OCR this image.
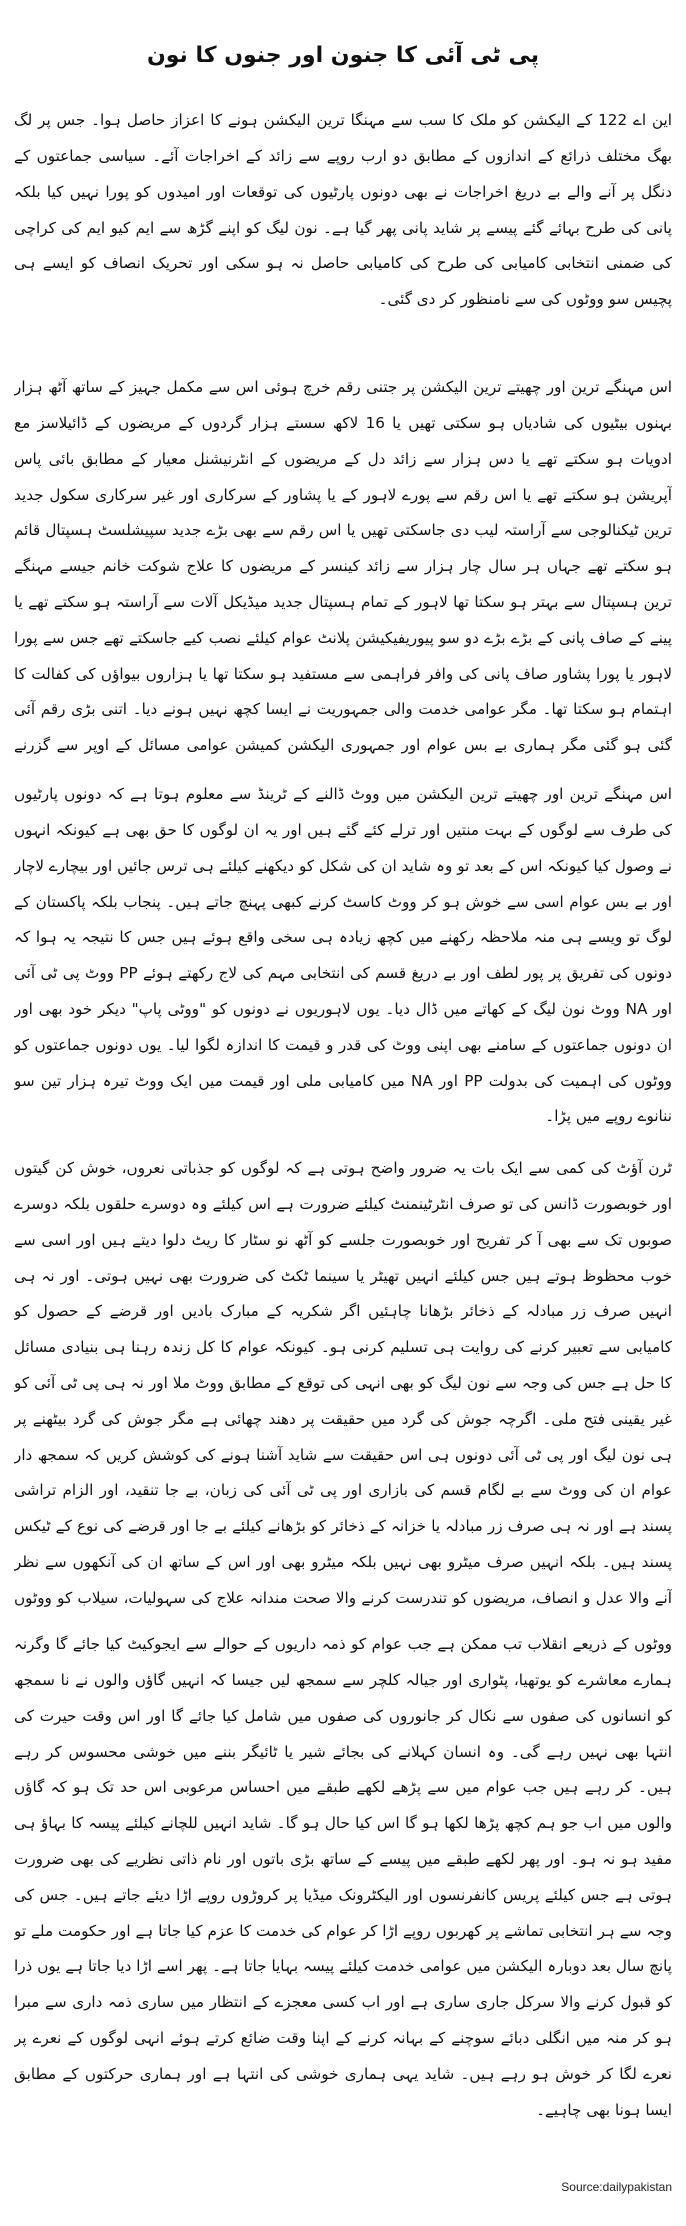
پی ٹی آئی کا جنون اور جنوں کا نون

این اے 122 کے الیکشن کو ملک کا سب سے مہنگا ترین الیکشن ہونے کا اعزاز حاصل ہوا۔ جس پر لگ بھگ مختلف ذرائع کے اندازوں کے مطابق دو ارب روپے سے زائد کے اخراجات آئے۔ سیاسی جماعتوں کے دنگل پر آنے والے بے دریغ اخراجات نے بھی دونوں پارٹیوں کی توقعات اور امیدوں کو پورا نہیں کیا بلکہ پانی کی طرح بہائے گئے پیسے پر شاید پانی پھر گیا ہے۔ نون لیگ کو اپنے گڑھ سے ایم کیو ایم کی کراچی کی ضمنی انتخابی کامیابی کی طرح کی کامیابی حاصل نہ ہو سکی اور تحریک انصاف کو ایسے ہی پچیس سو ووٹوں کی سے نامنظور کر دی گئی۔

اس مہنگے ترین اور چھیتے ترین الیکشن پر جتنی رقم خرچ ہوئی اس سے مکمل جہیز کے ساتھ آٹھ ہزار بہنوں بیٹیوں کی شادیاں ہو سکتی تھیں یا 16 لاکھ سستے ہزار گردوں کے مریضوں کے ڈائیلاسز مع ادویات ہو سکتے تھے یا دس ہزار سے زائد دل کے مریضوں کے انٹرنیشنل معیار کے مطابق بائی پاس آپریشن ہو سکتے تھے یا اس رقم سے پورے لاہور کے یا پشاور کے سرکاری اور غیر سرکاری سکول جدید ترین ٹیکنالوجی سے آراستہ لیب دی جاسکتی تھیں یا اس رقم سے بھی بڑے جدید سپیشلسٹ ہسپتال قائم ہو سکتے تھے جہاں ہر سال چار ہزار سے زائد کینسر کے مریضوں کا علاج شوکت خانم جیسے مہنگے ترین ہسپتال سے بہتر ہو سکتا تھا لاہور کے تمام ہسپتال جدید میڈیکل آلات سے آراستہ ہو سکتے تھے یا پینے کے صاف پانی کے بڑے بڑے دو سو پیوریفیکیشن پلانٹ عوام کیلئے نصب کیے جاسکتے تھے جس سے پورا لاہور یا پورا پشاور صاف پانی کی وافر فراہمی سے مستفید ہو سکتا تھا یا ہزاروں بیواؤں کی کفالت کا اہتمام ہو سکتا تھا۔ مگر عوامی خدمت والی جمہوریت نے ایسا کچھ نہیں ہونے دیا۔ اتنی بڑی رقم آئی گئی ہو گئی مگر ہماری بے بس عوام اور جمہوری الیکشن کمیشن عوامی مسائل کے اوپر سے گزرنے

اس مہنگے ترین اور چھیتے ترین الیکشن میں ووٹ ڈالنے کے ٹرینڈ سے معلوم ہوتا ہے کہ دونوں پارٹیوں کی طرف سے لوگوں کے بہت منتیں اور ترلے کئے گئے ہیں اور یہ ان لوگوں کا حق بھی ہے کیونکہ انہوں نے وصول کیا کیونکہ اس کے بعد تو وہ شاید ان کی شکل کو دیکھنے کیلئے ہی ترس جائیں اور بیچارے لاچار اور بے بس عوام اسی سے خوش ہو کر ووٹ کاسٹ کرنے کبھی پہنچ جاتے ہیں۔ پنجاب بلکہ پاکستان کے لوگ تو ویسے ہی منہ ملاحظہ رکھنے میں کچھ زیادہ ہی سخی واقع ہوئے ہیں جس کا نتیجہ یہ ہوا کہ دونوں کی تفریق پر پور لطف اور بے دریغ قسم کی انتخابی مہم کی لاج رکھتے ہوئے PP ووٹ پی ٹی آئی اور NA ووٹ نون لیگ کے کھاتے میں ڈال دیا۔ یوں لاہوریوں نے دونوں کو "ووٹی پاپ" دیکر خود بھی اور ان دونوں جماعتوں کے سامنے بھی اپنی ووٹ کی قدر و قیمت کا اندازہ لگوا لیا۔ یوں دونوں جماعتوں کو ووٹوں کی اہمیت کی بدولت PP اور NA میں کامیابی ملی اور قیمت میں ایک ووٹ تیرہ ہزار تین سو ننانوے روپے میں پڑا۔

ٹرن آؤٹ کی کمی سے ایک بات یہ ضرور واضح ہوتی ہے کہ لوگوں کو جذباتی نعروں، خوش کن گیتوں اور خوبصورت ڈانس کی تو صرف انٹرٹینمنٹ کیلئے ضرورت ہے اس کیلئے وہ دوسرے حلقوں بلکہ دوسرے صوبوں تک سے بھی آ کر تفریح اور خوبصورت جلسے کو آٹھ نو سٹار کا ریٹ دلوا دیتے ہیں اور اسی سے خوب محظوظ ہوتے ہیں جس کیلئے انہیں تھیٹر یا سینما ٹکٹ کی ضرورت بھی نہیں ہوتی۔ اور نہ ہی انہیں صرف زر مبادلہ کے ذخائر بڑھانا چاہئیں اگر شکریہ کے مبارک بادیں اور قرضے کے حصول کو کامیابی سے تعبیر کرنے کی روایت ہی تسلیم کرنی ہو۔ کیونکہ عوام کا کل زندہ رہنا ہی بنیادی مسائل کا حل ہے جس کی وجہ سے نون لیگ کو بھی انہی کی توقع کے مطابق ووٹ ملا اور نہ ہی پی ٹی آئی کو غیر یقینی فتح ملی۔ اگرچہ جوش کی گرد میں حقیقت پر دھند چھائی ہے مگر جوش کی گرد بیٹھنے پر ہی نون لیگ اور پی ٹی آئی دونوں ہی اس حقیقت سے شاید آشنا ہونے کی کوشش کریں کہ سمجھ دار عوام ان کی ووٹ سے بے لگام قسم کی بازاری اور پی ٹی آئی کی زبان، بے جا تنقید، اور الزام تراشی پسند ہے اور نہ ہی صرف زر مبادلہ یا خزانہ کے ذخائر کو بڑھانے کیلئے بے جا اور قرضے کی نوع کے ٹیکس پسند ہیں۔ بلکہ انہیں صرف میٹرو بھی نہیں بلکہ میٹرو بھی اور اس کے ساتھ ان کی آنکھوں سے نظر آنے والا عدل و انصاف، مریضوں کو تندرست کرنے والا صحت مندانہ علاج کی سہولیات، سیلاب کو ووٹوں

ووٹوں کے ذریعے انقلاب تب ممکن ہے جب عوام کو ذمہ داریوں کے حوالے سے ایجوکیٹ کیا جائے گا وگرنہ ہمارے معاشرے کو یوتھیا، پٹواری اور جیالہ کلچر سے سمجھ لیں جیسا کہ انہیں گاؤں والوں نے نا سمجھ کو انسانوں کی صفوں سے نکال کر جانوروں کی صفوں میں شامل کیا جائے گا اور اس وقت حیرت کی انتہا بھی نہیں رہے گی۔ وہ انسان کہلانے کی بجائے شیر یا ٹائیگر بننے میں خوشی محسوس کر رہے ہیں۔ کر رہے ہیں جب عوام میں سے پڑھے لکھے طبقے میں احساس مرعوبی اس حد تک ہو کہ گاؤں والوں میں اب جو ہم کچھ پڑھا لکھا ہو گا اس کیا حال ہو گا۔ شاید انہیں للچانے کیلئے پیسہ کا بہاؤ ہی مفید ہو نہ ہو۔ اور پھر لکھے طبقے میں پیسے کے ساتھ بڑی باتوں اور نام ذاتی نظریے کی بھی ضرورت ہوتی ہے جس کیلئے پریس کانفرنسوں اور الیکٹرونک میڈیا پر کروڑوں روپے اڑا دیئے جاتے ہیں۔ جس کی وجہ سے ہر انتخابی تماشے پر کھربوں روپے اڑا کر عوام کی خدمت کا عزم کیا جاتا ہے اور حکومت ملے تو پانچ سال بعد دوبارہ الیکشن میں عوامی خدمت کیلئے پیسہ بہایا جاتا ہے۔ پھر اسے اڑا دیا جاتا ہے یوں ذرا کو قبول کرنے والا سرکل جاری ساری ہے اور اب کسی معجزے کے انتظار میں ساری ذمہ داری سے مبرا ہو کر منہ میں انگلی دبائے سوچنے کے بہانہ کرنے کے اپنا وقت ضائع کرتے ہوئے انہی لوگوں کے نعرے پر نعرے لگا کر خوش ہو رہے ہیں۔ شاید یہی ہماری خوشی کی انتہا ہے اور ہماری حرکتوں کے مطابق ایسا ہونا بھی چاہیے۔

Source:dailypakistan
